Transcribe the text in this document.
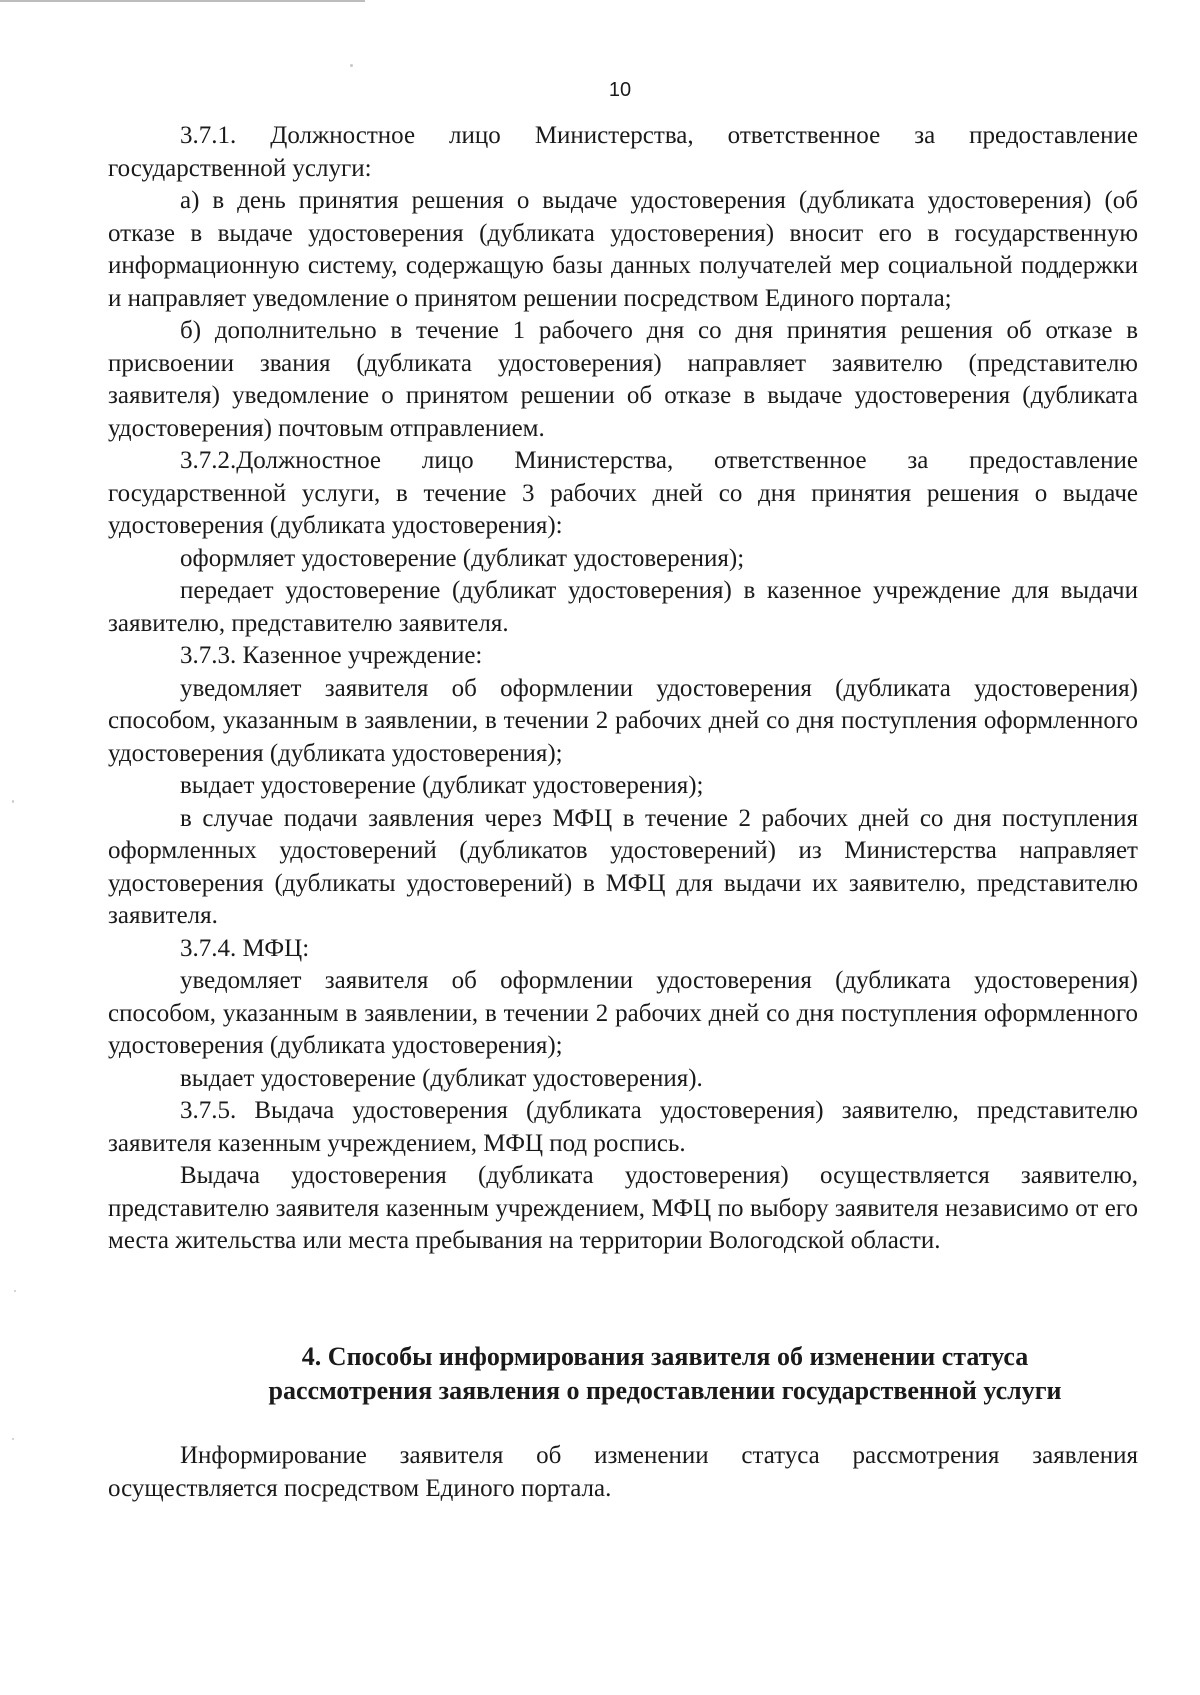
10

3.7.1. Должностное лицо Министерства, ответственное за предоставление государственной услуги:

а) в день принятия решения о выдаче удостоверения (дубликата удостоверения) (об отказе в выдаче удостоверения (дубликата удостоверения) вносит его в государственную информационную систему, содержащую базы данных получателей мер социальной поддержки и направляет уведомление о принятом решении посредством Единого портала;

б) дополнительно в течение 1 рабочего дня со дня принятия решения об отказе в присвоении звания (дубликата удостоверения) направляет заявителю (представителю заявителя) уведомление о принятом решении об отказе в выдаче удостоверения (дубликата удостоверения) почтовым отправлением.

3.7.2.Должностное лицо Министерства, ответственное за предоставление государственной услуги, в течение 3 рабочих дней со дня принятия решения о выдаче удостоверения (дубликата удостоверения):

оформляет удостоверение (дубликат удостоверения);

передает удостоверение (дубликат удостоверения) в казенное учреждение для выдачи заявителю, представителю заявителя.

3.7.3. Казенное учреждение:

уведомляет заявителя об оформлении удостоверения (дубликата удостоверения) способом, указанным в заявлении, в течении 2 рабочих дней со дня поступления оформленного удостоверения (дубликата удостоверения);

выдает удостоверение (дубликат удостоверения);

в случае подачи заявления через МФЦ в течение 2 рабочих дней со дня поступления оформленных удостоверений (дубликатов удостоверений) из Министерства направляет удостоверения (дубликаты удостоверений) в МФЦ для выдачи их заявителю, представителю заявителя.

3.7.4. МФЦ:

уведомляет заявителя об оформлении удостоверения (дубликата удостоверения) способом, указанным в заявлении, в течении 2 рабочих дней со дня поступления оформленного удостоверения (дубликата удостоверения);

выдает удостоверение (дубликат удостоверения).

3.7.5. Выдача удостоверения (дубликата удостоверения) заявителю, представителю заявителя казенным учреждением, МФЦ под роспись.

Выдача удостоверения (дубликата удостоверения) осуществляется заявителю, представителю заявителя казенным учреждением, МФЦ по выбору заявителя независимо от его места жительства или места пребывания на территории Вологодской области.

4. Способы информирования заявителя об изменении статуса
рассмотрения заявления о предоставлении государственной услуги

Информирование заявителя об изменении статуса рассмотрения заявления осуществляется посредством Единого портала.
